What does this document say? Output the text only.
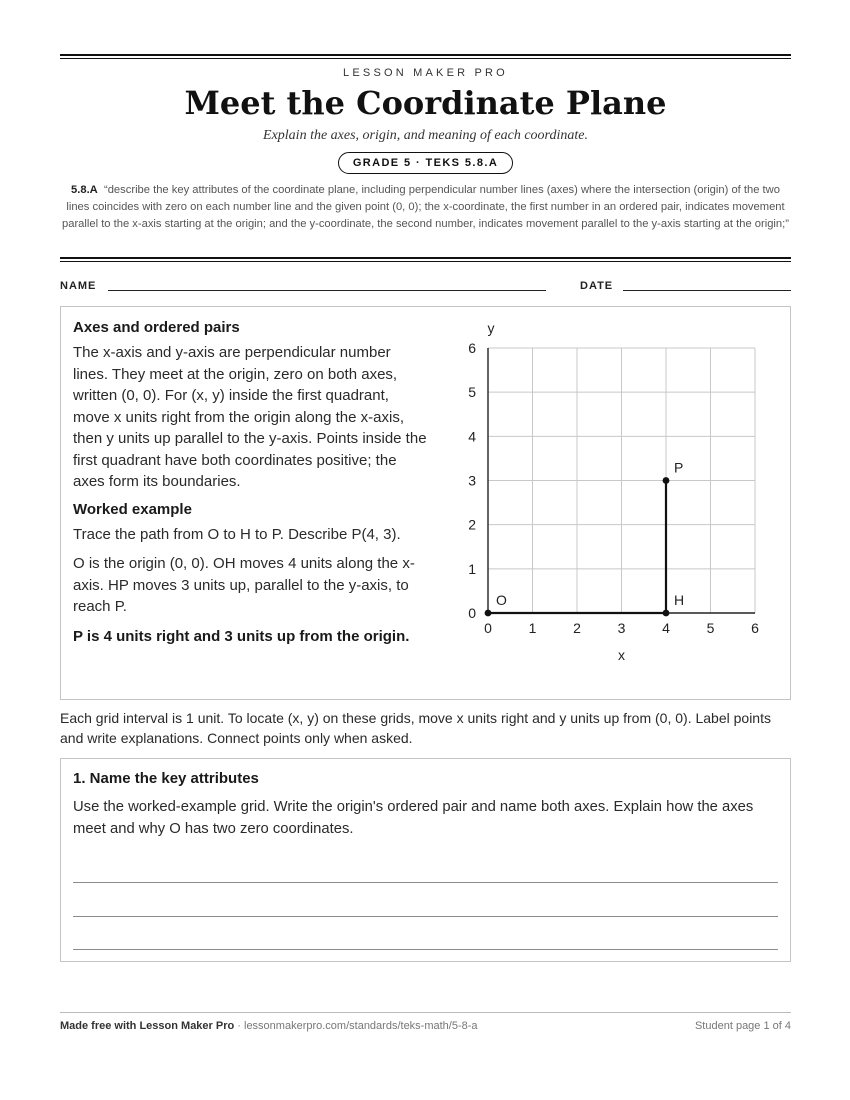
LESSON MAKER PRO
Meet the Coordinate Plane
Explain the axes, origin, and meaning of each coordinate.
GRADE 5 · TEKS 5.8.A
5.8.A “describe the key attributes of the coordinate plane, including perpendicular number lines (axes) where the intersection (origin) of the two lines coincides with zero on each number line and the given point (0, 0); the x-coordinate, the first number in an ordered pair, indicates movement parallel to the x-axis starting at the origin; and the y-coordinate, the second number, indicates movement parallel to the y-axis starting at the origin;”
NAME	DATE
Axes and ordered pairs
The x-axis and y-axis are perpendicular number lines. They meet at the origin, zero on both axes, written (0, 0). For (x, y) inside the first quadrant, move x units right from the origin along the x-axis, then y units up parallel to the y-axis. Points inside the first quadrant have both coordinates positive; the axes form its boundaries.
Worked example
Trace the path from O to H to P. Describe P(4, 3).
O is the origin (0, 0). OH moves 4 units along the x-axis. HP moves 3 units up, parallel to the y-axis, to reach P.
P is 4 units right and 3 units up from the origin.	0	1	2	3	4	5	6
0
1
2
3
4
5
6
x
y
O	H
P
Each grid interval is 1 unit. To locate (x, y) on these grids, move x units right and y units up from (0, 0). Label points and write explanations. Connect points only when asked.
1. Name the key attributes
Use the worked-example grid. Write the origin's ordered pair and name both axes. Explain how the axes meet and why O has two zero coordinates.
Made free with Lesson Maker Pro · lessonmakerpro.com/standards/teks-math/5-8-a	Student page 1 of 4
